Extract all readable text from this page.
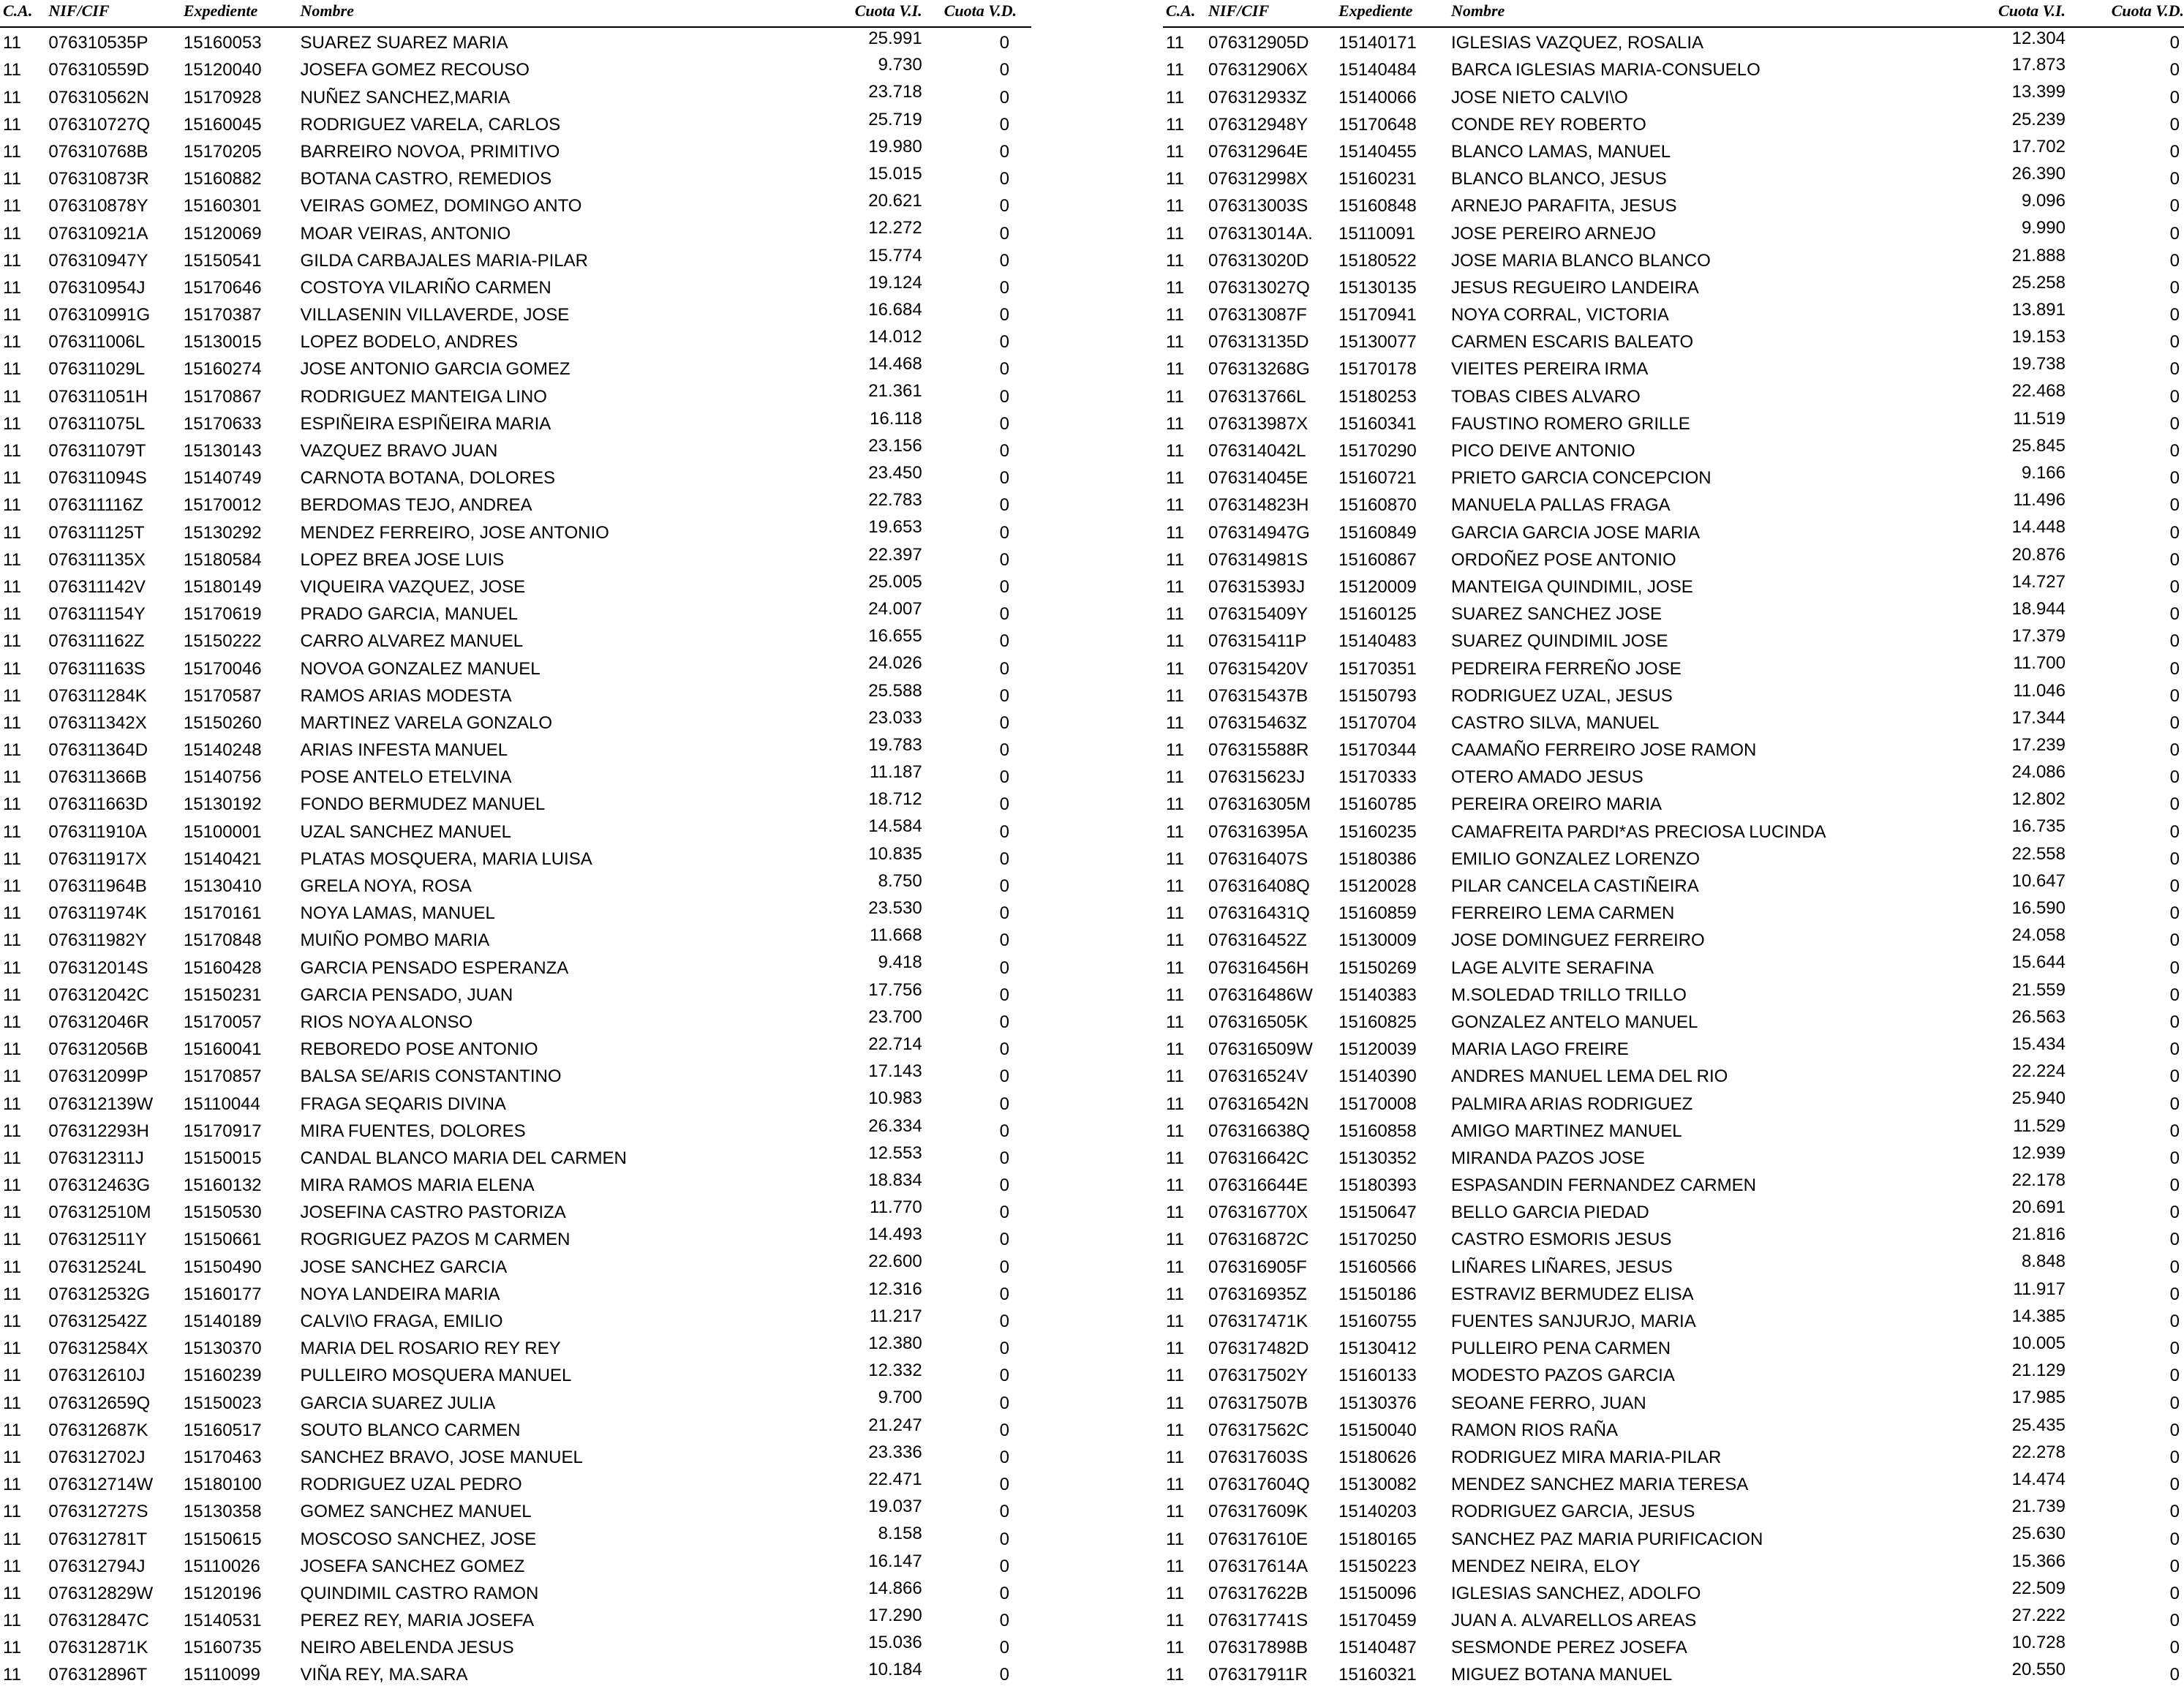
C.A.	NIF/CIF	Expediente	Nombre	Cuota V.I.	Cuota V.D.
11	076310535P	15160053	SUAREZ SUAREZ MARIA	25.991	0
11	076310559D	15120040	JOSEFA GOMEZ RECOUSO	9.730	0
11	076310562N	15170928	NUÑEZ SANCHEZ,MARIA	23.718	0
11	076310727Q	15160045	RODRIGUEZ VARELA, CARLOS	25.719	0
11	076310768B	15170205	BARREIRO NOVOA, PRIMITIVO	19.980	0
11	076310873R	15160882	BOTANA CASTRO, REMEDIOS	15.015	0
11	076310878Y	15160301	VEIRAS GOMEZ, DOMINGO ANTO	20.621	0
11	076310921A	15120069	MOAR VEIRAS, ANTONIO	12.272	0
11	076310947Y	15150541	GILDA CARBAJALES MARIA-PILAR	15.774	0
11	076310954J	15170646	COSTOYA VILARIÑO CARMEN	19.124	0
11	076310991G	15170387	VILLASENIN VILLAVERDE, JOSE	16.684	0
11	076311006L	15130015	LOPEZ BODELO, ANDRES	14.012	0
11	076311029L	15160274	JOSE ANTONIO GARCIA GOMEZ	14.468	0
11	076311051H	15170867	RODRIGUEZ MANTEIGA LINO	21.361	0
11	076311075L	15170633	ESPIÑEIRA ESPIÑEIRA MARIA	16.118	0
11	076311079T	15130143	VAZQUEZ BRAVO JUAN	23.156	0
11	076311094S	15140749	CARNOTA BOTANA, DOLORES	23.450	0
11	076311116Z	15170012	BERDOMAS TEJO, ANDREA	22.783	0
11	076311125T	15130292	MENDEZ FERREIRO, JOSE ANTONIO	19.653	0
11	076311135X	15180584	LOPEZ BREA JOSE LUIS	22.397	0
11	076311142V	15180149	VIQUEIRA VAZQUEZ, JOSE	25.005	0
11	076311154Y	15170619	PRADO GARCIA, MANUEL	24.007	0
11	076311162Z	15150222	CARRO ALVAREZ MANUEL	16.655	0
11	076311163S	15170046	NOVOA GONZALEZ MANUEL	24.026	0
11	076311284K	15170587	RAMOS ARIAS MODESTA	25.588	0
11	076311342X	15150260	MARTINEZ VARELA GONZALO	23.033	0
11	076311364D	15140248	ARIAS INFESTA MANUEL	19.783	0
11	076311366B	15140756	POSE ANTELO ETELVINA	11.187	0
11	076311663D	15130192	FONDO BERMUDEZ MANUEL	18.712	0
11	076311910A	15100001	UZAL SANCHEZ MANUEL	14.584	0
11	076311917X	15140421	PLATAS MOSQUERA, MARIA LUISA	10.835	0
11	076311964B	15130410	GRELA NOYA, ROSA	8.750	0
11	076311974K	15170161	NOYA LAMAS, MANUEL	23.530	0
11	076311982Y	15170848	MUIÑO POMBO MARIA	11.668	0
11	076312014S	15160428	GARCIA PENSADO ESPERANZA	9.418	0
11	076312042C	15150231	GARCIA PENSADO, JUAN	17.756	0
11	076312046R	15170057	RIOS NOYA ALONSO	23.700	0
11	076312056B	15160041	REBOREDO POSE ANTONIO	22.714	0
11	076312099P	15170857	BALSA SE/ARIS CONSTANTINO	17.143	0
11	076312139W	15110044	FRAGA SEQARIS DIVINA	10.983	0
11	076312293H	15170917	MIRA FUENTES, DOLORES	26.334	0
11	076312311J	15150015	CANDAL BLANCO MARIA DEL CARMEN	12.553	0
11	076312463G	15160132	MIRA RAMOS MARIA ELENA	18.834	0
11	076312510M	15150530	JOSEFINA CASTRO PASTORIZA	11.770	0
11	076312511Y	15150661	ROGRIGUEZ PAZOS M CARMEN	14.493	0
11	076312524L	15150490	JOSE SANCHEZ GARCIA	22.600	0
11	076312532G	15160177	NOYA LANDEIRA MARIA	12.316	0
11	076312542Z	15140189	CALVI\O FRAGA, EMILIO	11.217	0
11	076312584X	15130370	MARIA DEL ROSARIO REY REY	12.380	0
11	076312610J	15160239	PULLEIRO MOSQUERA MANUEL	12.332	0
11	076312659Q	15150023	GARCIA SUAREZ JULIA	9.700	0
11	076312687K	15160517	SOUTO BLANCO CARMEN	21.247	0
11	076312702J	15170463	SANCHEZ BRAVO, JOSE MANUEL	23.336	0
11	076312714W	15180100	RODRIGUEZ UZAL PEDRO	22.471	0
11	076312727S	15130358	GOMEZ SANCHEZ MANUEL	19.037	0
11	076312781T	15150615	MOSCOSO SANCHEZ, JOSE	8.158	0
11	076312794J	15110026	JOSEFA SANCHEZ GOMEZ	16.147	0
11	076312829W	15120196	QUINDIMIL CASTRO RAMON	14.866	0
11	076312847C	15140531	PEREZ REY, MARIA JOSEFA	17.290	0
11	076312871K	15160735	NEIRO ABELENDA JESUS	15.036	0
11	076312896T	15110099	VIÑA REY, MA.SARA	10.184	0
C.A.	NIF/CIF	Expediente	Nombre	Cuota V.I.	Cuota V.D.
11	076312905D	15140171	IGLESIAS VAZQUEZ, ROSALIA	12.304	0
11	076312906X	15140484	BARCA IGLESIAS MARIA-CONSUELO	17.873	0
11	076312933Z	15140066	JOSE NIETO CALVI\O	13.399	0
11	076312948Y	15170648	CONDE REY ROBERTO	25.239	0
11	076312964E	15140455	BLANCO LAMAS, MANUEL	17.702	0
11	076312998X	15160231	BLANCO BLANCO, JESUS	26.390	0
11	076313003S	15160848	ARNEJO PARAFITA, JESUS	9.096	0
11	076313014A.	15110091	JOSE PEREIRO ARNEJO	9.990	0
11	076313020D	15180522	JOSE MARIA BLANCO BLANCO	21.888	0
11	076313027Q	15130135	JESUS REGUEIRO LANDEIRA	25.258	0
11	076313087F	15170941	NOYA CORRAL, VICTORIA	13.891	0
11	076313135D	15130077	CARMEN ESCARIS BALEATO	19.153	0
11	076313268G	15170178	VIEITES PEREIRA IRMA	19.738	0
11	076313766L	15180253	TOBAS CIBES ALVARO	22.468	0
11	076313987X	15160341	FAUSTINO ROMERO GRILLE	11.519	0
11	076314042L	15170290	PICO DEIVE ANTONIO	25.845	0
11	076314045E	15160721	PRIETO GARCIA CONCEPCION	9.166	0
11	076314823H	15160870	MANUELA PALLAS FRAGA	11.496	0
11	076314947G	15160849	GARCIA GARCIA JOSE MARIA	14.448	0
11	076314981S	15160867	ORDOÑEZ POSE ANTONIO	20.876	0
11	076315393J	15120009	MANTEIGA QUINDIMIL, JOSE	14.727	0
11	076315409Y	15160125	SUAREZ SANCHEZ JOSE	18.944	0
11	076315411P	15140483	SUAREZ QUINDIMIL JOSE	17.379	0
11	076315420V	15170351	PEDREIRA FERREÑO JOSE	11.700	0
11	076315437B	15150793	RODRIGUEZ UZAL, JESUS	11.046	0
11	076315463Z	15170704	CASTRO SILVA, MANUEL	17.344	0
11	076315588R	15170344	CAAMAÑO FERREIRO JOSE RAMON	17.239	0
11	076315623J	15170333	OTERO AMADO JESUS	24.086	0
11	076316305M	15160785	PEREIRA OREIRO MARIA	12.802	0
11	076316395A	15160235	CAMAFREITA PARDI*AS PRECIOSA LUCINDA	16.735	0
11	076316407S	15180386	EMILIO GONZALEZ LORENZO	22.558	0
11	076316408Q	15120028	PILAR CANCELA CASTIÑEIRA	10.647	0
11	076316431Q	15160859	FERREIRO LEMA CARMEN	16.590	0
11	076316452Z	15130009	JOSE DOMINGUEZ FERREIRO	24.058	0
11	076316456H	15150269	LAGE ALVITE SERAFINA	15.644	0
11	076316486W	15140383	M.SOLEDAD TRILLO TRILLO	21.559	0
11	076316505K	15160825	GONZALEZ ANTELO MANUEL	26.563	0
11	076316509W	15120039	MARIA LAGO FREIRE	15.434	0
11	076316524V	15140390	ANDRES MANUEL LEMA DEL RIO	22.224	0
11	076316542N	15170008	PALMIRA ARIAS RODRIGUEZ	25.940	0
11	076316638Q	15160858	AMIGO MARTINEZ MANUEL	11.529	0
11	076316642C	15130352	MIRANDA PAZOS JOSE	12.939	0
11	076316644E	15180393	ESPASANDIN FERNANDEZ CARMEN	22.178	0
11	076316770X	15150647	BELLO GARCIA PIEDAD	20.691	0
11	076316872C	15170250	CASTRO ESMORIS JESUS	21.816	0
11	076316905F	15160566	LIÑARES LIÑARES, JESUS	8.848	0
11	076316935Z	15150186	ESTRAVIZ BERMUDEZ ELISA	11.917	0
11	076317471K	15160755	FUENTES SANJURJO, MARIA	14.385	0
11	076317482D	15130412	PULLEIRO PENA CARMEN	10.005	0
11	076317502Y	15160133	MODESTO PAZOS GARCIA	21.129	0
11	076317507B	15130376	SEOANE FERRO, JUAN	17.985	0
11	076317562C	15150040	RAMON RIOS RAÑA	25.435	0
11	076317603S	15180626	RODRIGUEZ MIRA MARIA-PILAR	22.278	0
11	076317604Q	15130082	MENDEZ SANCHEZ MARIA TERESA	14.474	0
11	076317609K	15140203	RODRIGUEZ GARCIA, JESUS	21.739	0
11	076317610E	15180165	SANCHEZ PAZ MARIA PURIFICACION	25.630	0
11	076317614A	15150223	MENDEZ NEIRA, ELOY	15.366	0
11	076317622B	15150096	IGLESIAS SANCHEZ, ADOLFO	22.509	0
11	076317741S	15170459	JUAN A. ALVARELLOS AREAS	27.222	0
11	076317898B	15140487	SESMONDE PEREZ JOSEFA	10.728	0
11	076317911R	15160321	MIGUEZ BOTANA MANUEL	20.550	0
